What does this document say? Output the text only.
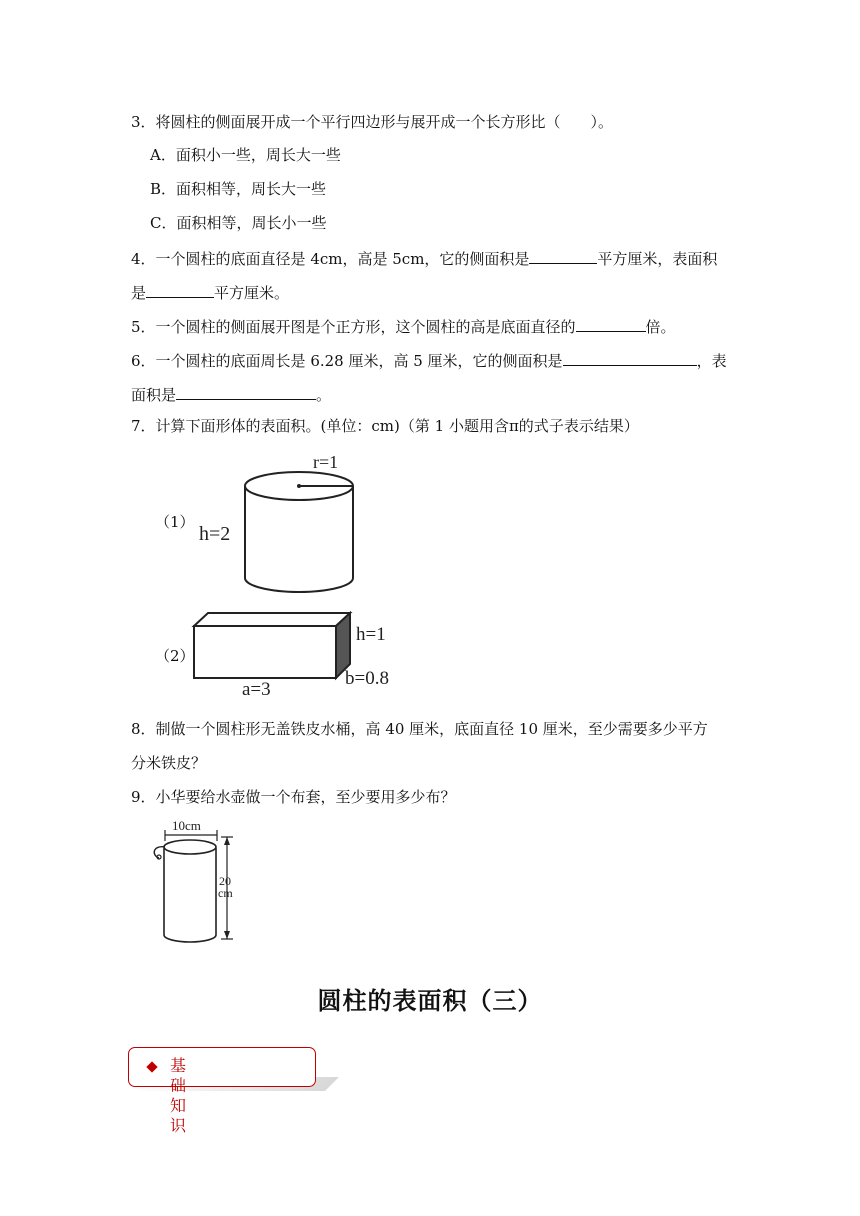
3．将圆柱的侧面展开成一个平行四边形与展开成一个长方形比（　　）。
A．面积小一些，周长大一些
B．面积相等，周长大一些
C．面积相等，周长小一些
4．一个圆柱的底面直径是 4cm，高是 5cm，它的侧面积是	平方厘米，表面积
是	平方厘米。
5．一个圆柱的侧面展开图是个正方形，这个圆柱的高是底面直径的	倍。
6．一个圆柱的底面周长是 6.28 厘米，高 5 厘米，它的侧面积是	，表
面积是	。
7．计算下面形体的表面积。(单位：cm)（第 1 小题用含π的式子表示结果）
（1）
r=1
h=2
（2）
h=1
a=3
b=0.8
8．制做一个圆柱形无盖铁皮水桶，高 40 厘米，底面直径 10 厘米，至少需要多少平方
分米铁皮？
9．小华要给水壶做一个布套，至少要用多少布？
10cm
20
cm
圆柱的表面积（三）
基础知识
